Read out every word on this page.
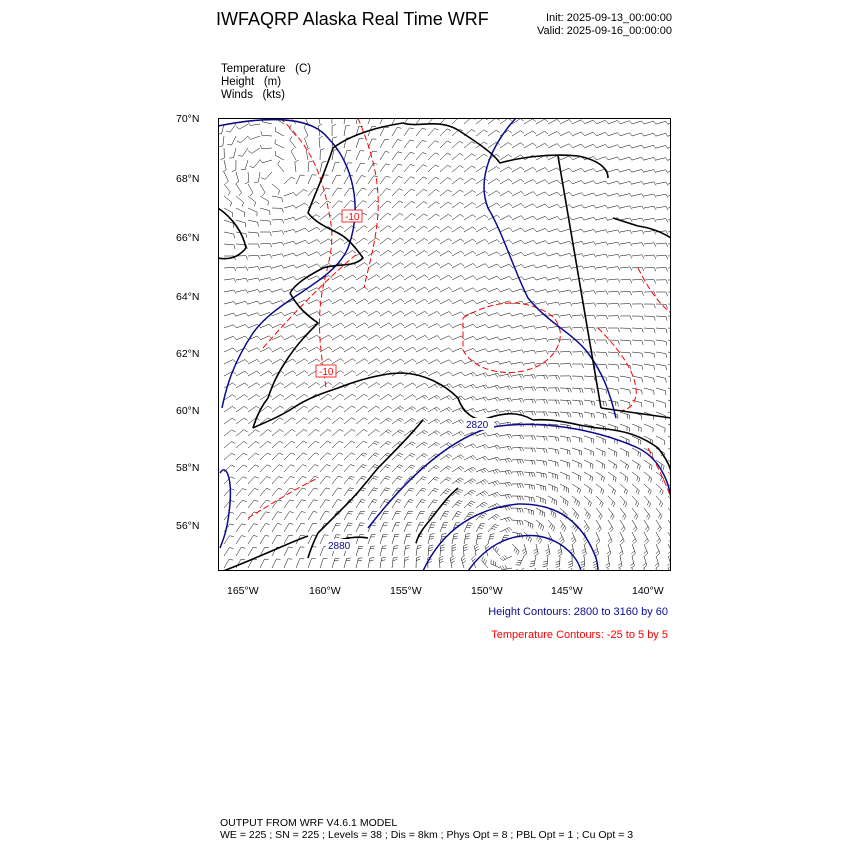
IWFAQRP Alaska Real Time WRF	Init: 2025-09-13_00:00:00
Valid: 2025-09-16_00:00:00
Temperature (C)
Height (m)
Winds (kts)
70°N
68°N
66°N
64°N
62°N
60°N
58°N
56°N
165°W	160°W	155°W	150°W	145°W	140°W
2820
2880
-10
-10
Height Contours: 2800 to 3160 by 60
Temperature Contours: -25 to 5 by 5
OUTPUT FROM WRF V4.6.1 MODEL
WE = 225 ; SN = 225 ; Levels = 38 ; Dis = 8km ; Phys Opt = 8 ; PBL Opt = 1 ; Cu Opt = 3
